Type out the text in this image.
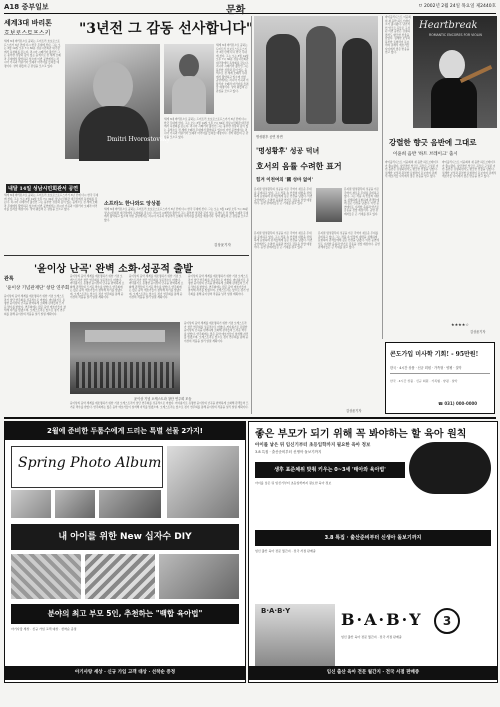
A18 중부일보	문화	ㅁ 2002년 2월 24일 목요일 제2440호
세계3대 바리톤
흐보로스토프스키 "3년전 그 감동 선사합니다"
세계 3대 바리톤으로 꼽히는 드미트리 흐보로스토프스키가 3년 만에 다시 한국 무대에 선다. 그는 오는 3월 14일 오후 7시 30분 성남시민회관 대극장에서 독창회를 갖는다. 러시아 시베리아 출신인 그는 풍부한 성량과 깊이 있는 음색으로 전 세계 오페라 무대에서 활약하고 있으며 이번 공연에서는 러시아 가곡과 이탈리아 오페라 아리아를 들려줄 예정이다. 성악 팬들의 큰 관심을 모으고 있다.
Dmitri Hvorostovsky
세계 3대 바리톤으로 꼽히는 드미트리 흐보로스토프스키가 3년 만에 다시 한국 무대에 선다. 그는 오는 3월 14일 오후 7시 30분 성남시민회관 대극장에서 독창회를 갖는다. 러시아 시베리아 출신인 그는 풍부한 성량과 깊이 있는 음색으로 전 세계 오페라 무대에서 활약하고 있으며 이번 공연에서는 러시아 가곡과 이탈리아 오페라 아리아를 들려줄 예정이다. 성악 팬들의 큰 관심을 모으고 있다.
세계 3대 바리톤으로 꼽히는 드미트리 흐보로스토프스키가 3년 만에 다시 한국 무대에 선다. 그는 오는 3월 14일 오후 7시 30분 성남시민회관 대극장에서 독창회를 갖는다. 러시아 시베리아 출신인 그는 풍부한 성량과 깊이 있는 음색으로 전 세계 오페라 무대에서 활약하고 있으며 이번 공연에서는 러시아 가곡과 이탈리아 오페라 아리아를 들려줄 예정이다. 성악 팬들의 큰 관심을 모으고 있다.
소프라노 한나와도 앙상블
내달 14일 성남시민회관서 공연
세계 3대 바리톤으로 꼽히는 드미트리 흐보로스토프스키가 3년 만에 다시 한국 무대에 선다. 그는 오는 3월 14일 오후 7시 30분 성남시민회관 대극장에서 독창회를 갖는다. 러시아 시베리아 출신인 그는 풍부한 성량과 깊이 있는 음색으로 전 세계 오페라 무대에서 활약하고 있으며 이번 공연에서는 러시아 가곡과 이탈리아 오페라 아리아를 들려줄 예정이다. 성악 팬들의 큰 관심을 모으고 있다.	세계 3대 바리톤으로 꼽히는 드미트리 흐보로스토프스키가 3년 만에 다시 한국 무대에 선다. 그는 오는 3월 14일 오후 7시 30분 성남시민회관 대극장에서 독창회를 갖는다. 러시아 시베리아 출신인 그는 풍부한 성량과 깊이 있는 음색으로 전 세계 오페라 무대에서 활약하고 있으며 이번 공연에서는 러시아 가곡과 이탈리아 오페라 아리아를 들려줄 예정이다. 성악 팬들의 큰 관심을 모으고 있다.
김상윤기자
'윤이상 난곡' 완벽 소화·성공적 출발
관록
'윤이상 기념관재단' 창단 연주회
윤이상의 음악 세계를 재조명하기 위한 기념 오케스트라가 창단 연주회를 성공적으로 마쳤다. 까다롭기로 유명한 윤이상의 난곡을 완벽하게 소화해 관객들의 뜨거운 박수를 받았다. 연주회에는 많은 음악 애호가들이 참석해 자리를 빛냈으며, 오케스트라는 앞으로 정기 연주회를 통해 윤이상의 작품을 널리 알릴 계획이다.
윤이상의 음악 세계를 재조명하기 위한 기념 오케스트라가 창단 연주회를 성공적으로 마쳤다. 까다롭기로 유명한 윤이상의 난곡을 완벽하게 소화해 관객들의 뜨거운 박수를 받았다. 연주회에는 많은 음악 애호가들이 참석해 자리를 빛냈으며, 오케스트라는 앞으로 정기 연주회를 통해 윤이상의 작품을 널리 알릴 계획이다.
윤이상의 음악 세계를 재조명하기 위한 기념 오케스트라가 창단 연주회를 성공적으로 마쳤다. 까다롭기로 유명한 윤이상의 난곡을 완벽하게 소화해 관객들의 뜨거운 박수를 받았다. 연주회에는 많은 음악 애호가들이 참석해 자리를 빛냈으며, 오케스트라는 앞으로 정기 연주회를 통해 윤이상의 작품을 널리 알릴 계획이다.
윤이상의 음악 세계를 재조명하기 위한 기념 오케스트라가 창단 연주회를 성공적으로 마쳤다. 까다롭기로 유명한 윤이상의 난곡을 완벽하게 소화해 관객들의 뜨거운 박수를 받았다. 연주회에는 많은 음악 애호가들이 참석해 자리를 빛냈으며, 오케스트라는 앞으로 정기 연주회를 통해 윤이상의 작품을 널리 알릴 계획이다.
윤이상 기념 오케스트라 창단 연주회 모습
윤이상의 음악 세계를 재조명하기 위한 기념 오케스트라가 창단 연주회를 성공적으로 마쳤다. 까다롭기로 유명한 윤이상의 난곡을 완벽하게 소화해 관객들의 뜨거운 박수를 받았다. 연주회에는 많은 음악 애호가들이 참석해 자리를 빛냈으며, 오케스트라는 앞으로 정기 연주회를 통해 윤이상의 작품을 널리 알릴 계획이다.
윤이상의 음악 세계를 재조명하기 위한 기념 오케스트라가 창단 연주회를 성공적으로 마쳤다. 까다롭기로 유명한 윤이상의 난곡을 완벽하게 소화해 관객들의 뜨거운 박수를 받았다. 연주회에는 많은 음악 애호가들이 참석해 자리를 빛냈으며, 오케스트라는 앞으로 정기 연주회를 통해 윤이상의 작품을 널리 알릴 계획이다.
명성황후 공연 장면
'명성황후' 성공 덕녀
호서의 음률 수려한 표거
힘겨 이천여의 '國 성마 없어'
뮤지컬 명성황후의 성공을 이끈 주역이 새로운 무대를 준비하고 있다. 그는 작품 속 인물의 내면을 섬세하게 표현하며 관객들에게 깊은 인상을 남겼다. 이번 공연에서도 수려한 음률과 연기로 감동을 전할 예정이다. 공연 관계자들은 큰 기대를 걸고 있다.
뮤지컬 명성황후의 성공을 이끈 주역이 새로운 무대를 준비하고 있다. 그는 작품 속 인물의 내면을 섬세하게 표현하며 관객들에게 깊은 인상을 남겼다. 이번 공연에서도 수려한 음률과 연기로 감동을 전할 예정이다. 공연 관계자들은 큰 기대를 걸고 있다.
뮤지컬 명성황후의 성공을 이끈 주역이 새로운 무대를 준비하고 있다. 그는 작품 속 인물의 내면을 섬세하게 표현하며 관객들에게 깊은 인상을 남겼다. 이번 공연에서도 수려한 음률과 연기로 감동을 전할 예정이다. 공연 관계자들은 큰 기대를 걸고 있다.
뮤지컬 명성황후의 성공을 이끈 주역이 새로운 무대를 준비하고 있다. 그는 작품 속 인물의 내면을 섬세하게 표현하며 관객들에게 깊은 인상을 남겼다. 이번 공연에서도 수려한 음률과 연기로 감동을 전할 예정이다. 공연 관계자들은 큰 기대를 걸고 있다.
김상윤기자
Heartbreak
ROMANTIC ENCORES FOR VIOLIN
바이올리니스트 이윤희의 새 음반 하트브레이크가 출시됐다. 낭만적인 앙코르 곡들로 구성된 이번 음반은 강렬하면서도 향긋한 선율을 담았다. 섬세한 보잉과 풍부한 표현력이 돋보이며 클래식 애호가들 사이에서 좋은 반응을 얻고 있다.
강렬한 향긋 음반에 그대로
이윤희 음반 '하트 브레이크' 출시
바이올리니스트 이윤희의 새 음반 하트브레이크가 출시됐다. 낭만적인 앙코르 곡들로 구성된 이번 음반은 강렬하면서도 향긋한 선율을 담았다. 섬세한 보잉과 풍부한 표현력이 돋보이며 클래식 애호가들 사이에서 좋은 반응을 얻고 있다.
바이올리니스트 이윤희의 새 음반 하트브레이크가 출시됐다. 낭만적인 앙코르 곡들로 구성된 이번 음반은 강렬하면서도 향긋한 선율을 담았다. 섬세한 보잉과 풍부한 표현력이 돋보이며 클래식 애호가들 사이에서 좋은 반응을 얻고 있다.
★★★★☆
김상윤기자
콘도가입 미사학 기회! - 95만원!
한국 · 4시간 상품 · 신규 회원 · 가족형 · 양평 · 설악
한국 · 4시간 상품 · 신규 회원 · 가족형 · 양평 · 설악
☎ 031) 000-0000
2월에 준비한 두툼수에게 드리는 특별 선물 2가지!
Spring Photo Album
내 아이를 위한 New 십자수 DIY
분야의 최고 부모 5인, 추천하는 "백합 육아법"
아기사랑 세상 · 신규 가입 고객 대상 · 선착순 증정
아기사랑 세상 · 신규 가입 고객 대상 · 선착순 증정
좋은 부모가 되기 위해 꼭 봐야하는 할 육아 원칙
아이를 낳은 뒤 임신기부터 초등입학까지 필요한 육아 정보
3.8 특집 · 출산준비부터 신생아 돌보기까지
생후 표준체위 맞춰 키우는 0~3세 '태아와 육아법'
아이를 낳은 뒤 임신기부터 초등입학까지 필요한 육아 정보
3.8 특집 · 출산준비부터 신생아 돌보기까지
임신 출산 육아 전문 월간지 · 전국 서점 판매중
B·A·B·Y	B·A·B·Y	3
임신 출산 육아 전문 월간지 · 전국 서점 판매중
임신 출산 육아 전문 월간지 · 전국 서점 판매중
